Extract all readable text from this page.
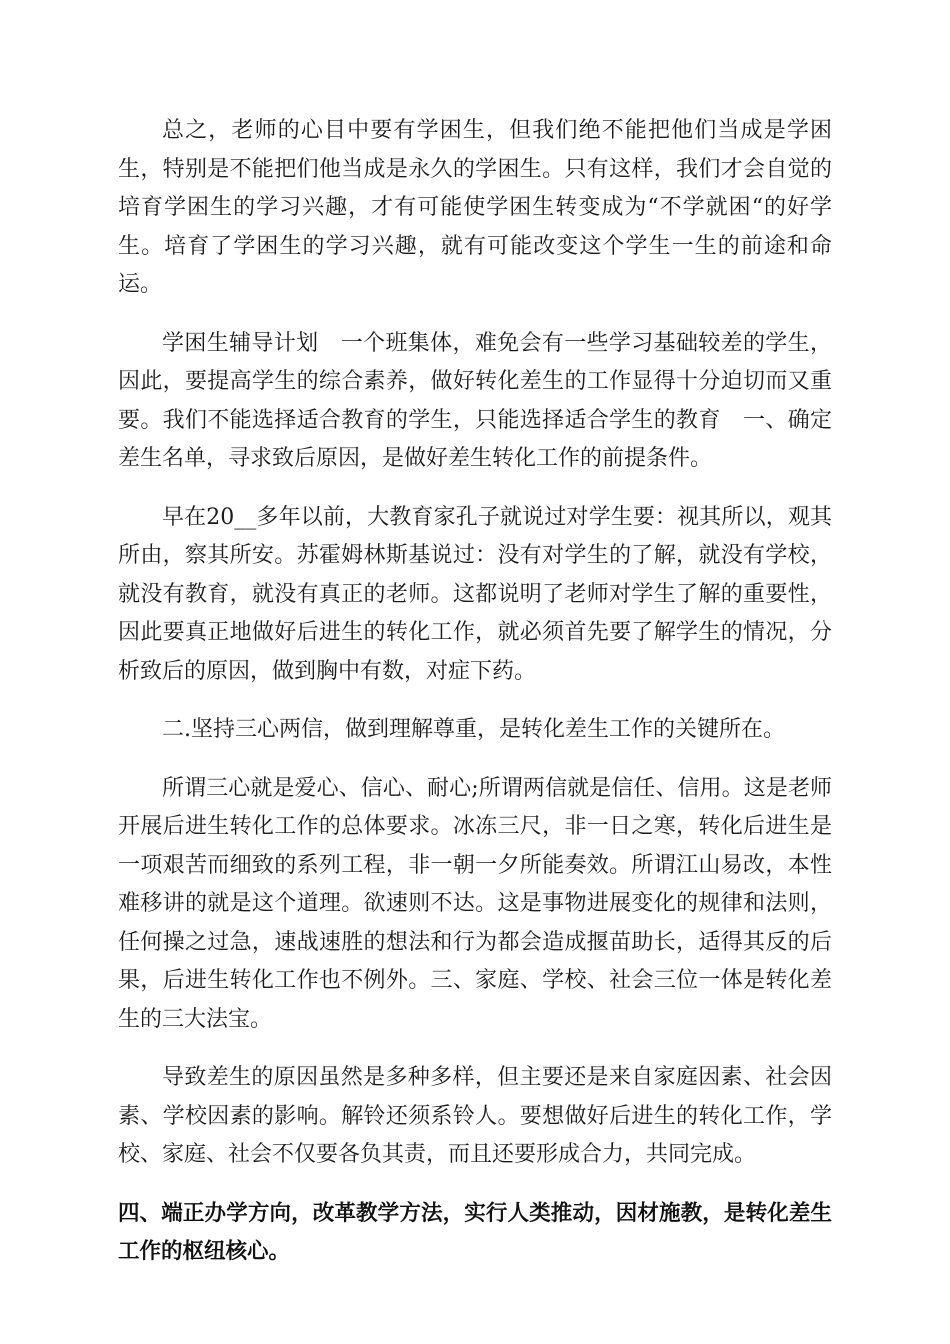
总之，老师的心目中要有学困生，但我们绝不能把他们当成是学困生，特别是不能把们他当成是永久的学困生。只有这样，我们才会自觉的培育学困生的学习兴趣，才有可能使学困生转变成为“不学就困“的好学生。培育了学困生的学习兴趣，就有可能改变这个学生一生的前途和命运。

学困生辅导计划　一个班集体，难免会有一些学习基础较差的学生，因此，要提高学生的综合素养，做好转化差生的工作显得十分迫切而又重要。我们不能选择适合教育的学生，只能选择适合学生的教育　一、确定差生名单，寻求致后原因，是做好差生转化工作的前提条件。

早在20__多年以前，大教育家孔子就说过对学生要：视其所以，观其所由，察其所安。苏霍姆林斯基说过：没有对学生的了解，就没有学校，就没有教育，就没有真正的老师。这都说明了老师对学生了解的重要性，因此要真正地做好后进生的转化工作，就必须首先要了解学生的情况，分析致后的原因，做到胸中有数，对症下药。

二.坚持三心两信，做到理解尊重，是转化差生工作的关键所在。

所谓三心就是爱心、信心、耐心;所谓两信就是信任、信用。这是老师开展后进生转化工作的总体要求。冰冻三尺，非一日之寒，转化后进生是一项艰苦而细致的系列工程，非一朝一夕所能奏效。所谓江山易改，本性难移讲的就是这个道理。欲速则不达。这是事物进展变化的规律和法则，任何操之过急，速战速胜的想法和行为都会造成揠苗助长，适得其反的后果，后进生转化工作也不例外。三、家庭、学校、社会三位一体是转化差生的三大法宝。

导致差生的原因虽然是多种多样，但主要还是来自家庭因素、社会因素、学校因素的影响。解铃还须系铃人。要想做好后进生的转化工作，学校、家庭、社会不仅要各负其责，而且还要形成合力，共同完成。

四、端正办学方向，改革教学方法，实行人类推动，因材施教，是转化差生工作的枢纽核心。
